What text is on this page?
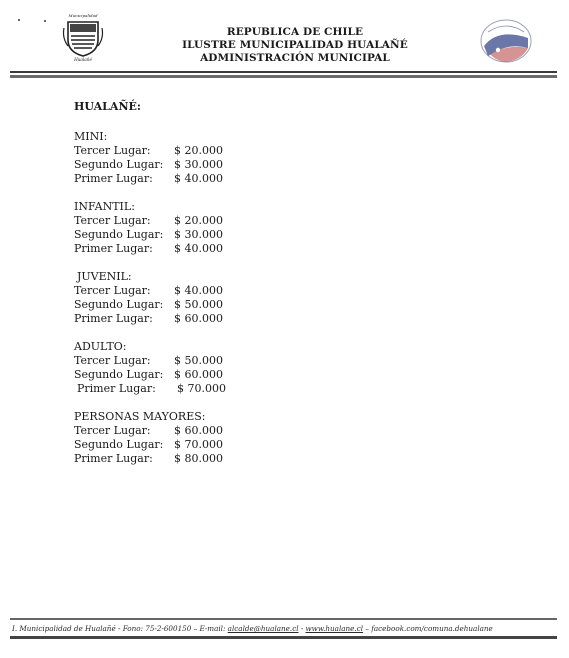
Municipalidad
Hualañé
REPUBLICA DE CHILE
ILUSTRE MUNICIPALIDAD HUALAÑÉ
ADMINISTRACIÓN MUNICIPAL
HUALAÑÉ:
MINI:
Tercer Lugar:	$ 20.000
Segundo Lugar: $ 30.000
Primer Lugar:	$ 40.000
INFANTIL:
Tercer Lugar:	$ 20.000
Segundo Lugar: $ 30.000
Primer Lugar:	$ 40.000
JUVENIL:
Tercer Lugar:	$ 40.000
Segundo Lugar: $ 50.000
Primer Lugar:	$ 60.000
ADULTO:
Tercer Lugar:	$ 50.000
Segundo Lugar: $ 60.000
Primer Lugar:	$ 70.000
PERSONAS MAYORES:
Tercer Lugar:	$ 60.000
Segundo Lugar: $ 70.000
Primer Lugar:	$ 80.000
I. Municipalidad de Hualañé - Fono: 75-2-600150 – E-mail: alcalde@hualane.cl - www.hualane.cl – facebook.com/comuna.dehualane
